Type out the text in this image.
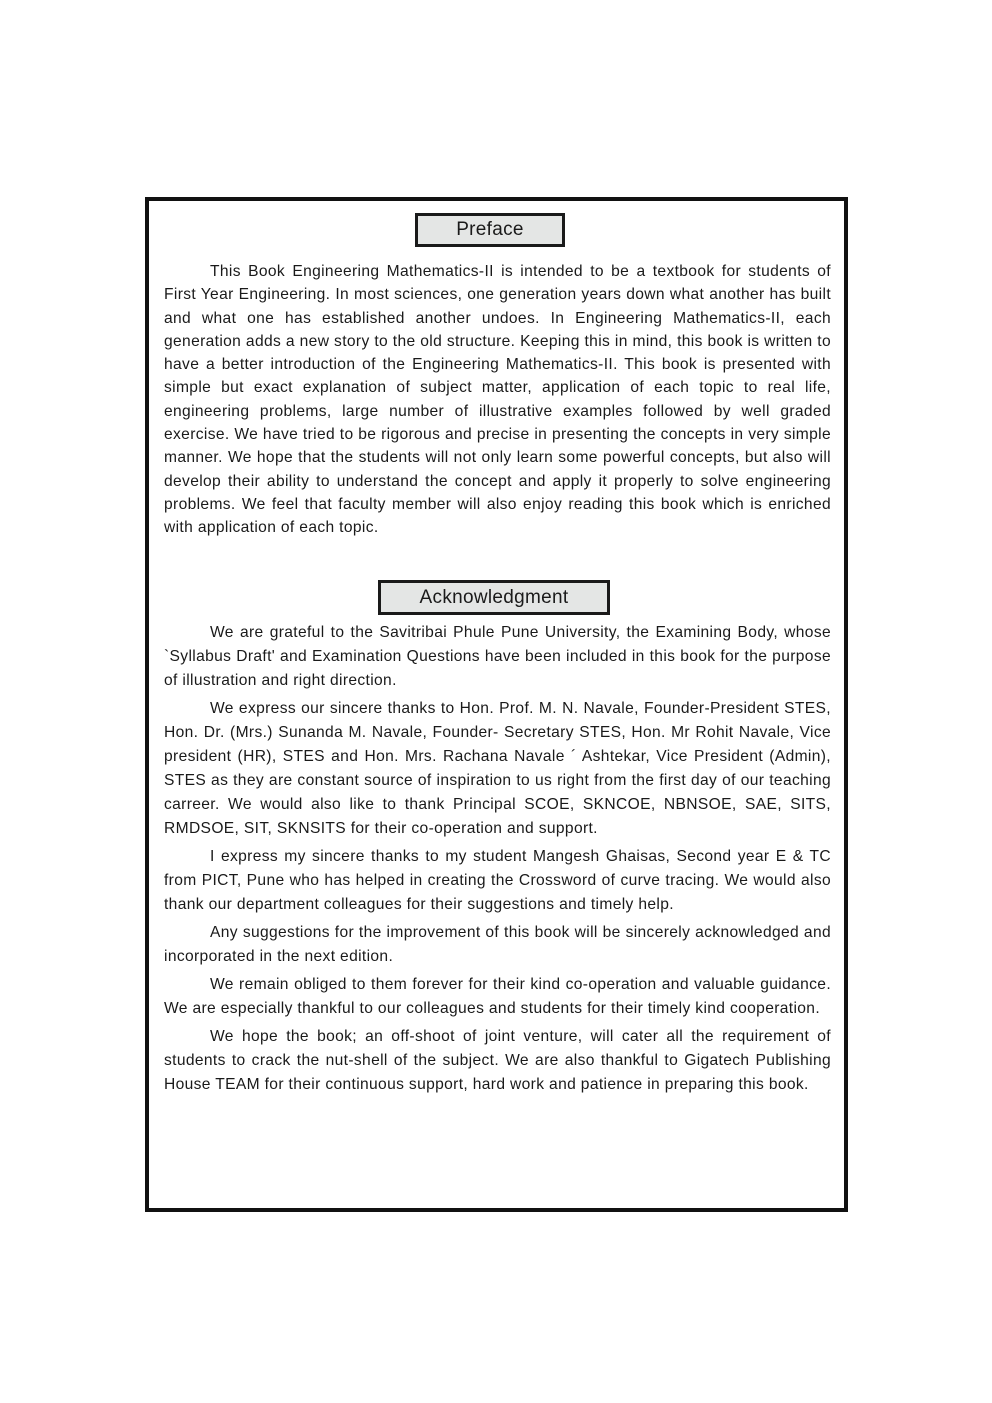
Preface

This Book Engineering Mathematics-II is intended to be a textbook for students of First Year Engineering. In most sciences, one generation years down what another has built and what one has established another undoes. In Engineering Mathematics-II, each generation adds a new story to the old structure. Keeping this in mind, this book is written to have a better introduction of the Engineering Mathematics-II. This book is presented with simple but exact explanation of subject matter, application of each topic to real life, engineering problems, large number of illustrative examples followed by well graded exercise. We have tried to be rigorous and precise in presenting the concepts in very simple manner. We hope that the students will not only learn some powerful concepts, but also will develop their ability to understand the concept and apply it properly to solve engineering problems. We feel that faculty member will also enjoy reading this book which is enriched with application of each topic.

Acknowledgment

We are grateful to the Savitribai Phule Pune University, the Examining Body, whose `Syllabus Draft' and Examination Questions have been included in this book for the purpose of illustration and right direction.

We express our sincere thanks to Hon. Prof. M. N. Navale, Founder-President STES, Hon. Dr. (Mrs.) Sunanda M. Navale, Founder- Secretary STES, Hon. Mr Rohit Navale, Vice president (HR), STES and Hon. Mrs. Rachana Navale ´ Ashtekar, Vice President (Admin), STES as they are constant source of inspiration to us right from the first day of our teaching carreer. We would also like to thank Principal SCOE, SKNCOE, NBNSOE, SAE, SITS, RMDSOE, SIT, SKNSITS for their co-operation and support.

I express my sincere thanks to my student Mangesh Ghaisas, Second year E & TC from PICT, Pune who has helped in creating the Crossword of curve tracing. We would also thank our department colleagues for their suggestions and timely help.

Any suggestions for the improvement of this book will be sincerely acknowledged and incorporated in the next edition.

We remain obliged to them forever for their kind co-operation and valuable guidance. We are especially thankful to our colleagues and students for their timely kind cooperation.

We hope the book; an off-shoot of joint venture, will cater all the requirement of students to crack the nut-shell of the subject. We are also thankful to Gigatech Publishing House TEAM for their continuous support, hard work and patience in preparing this book.
